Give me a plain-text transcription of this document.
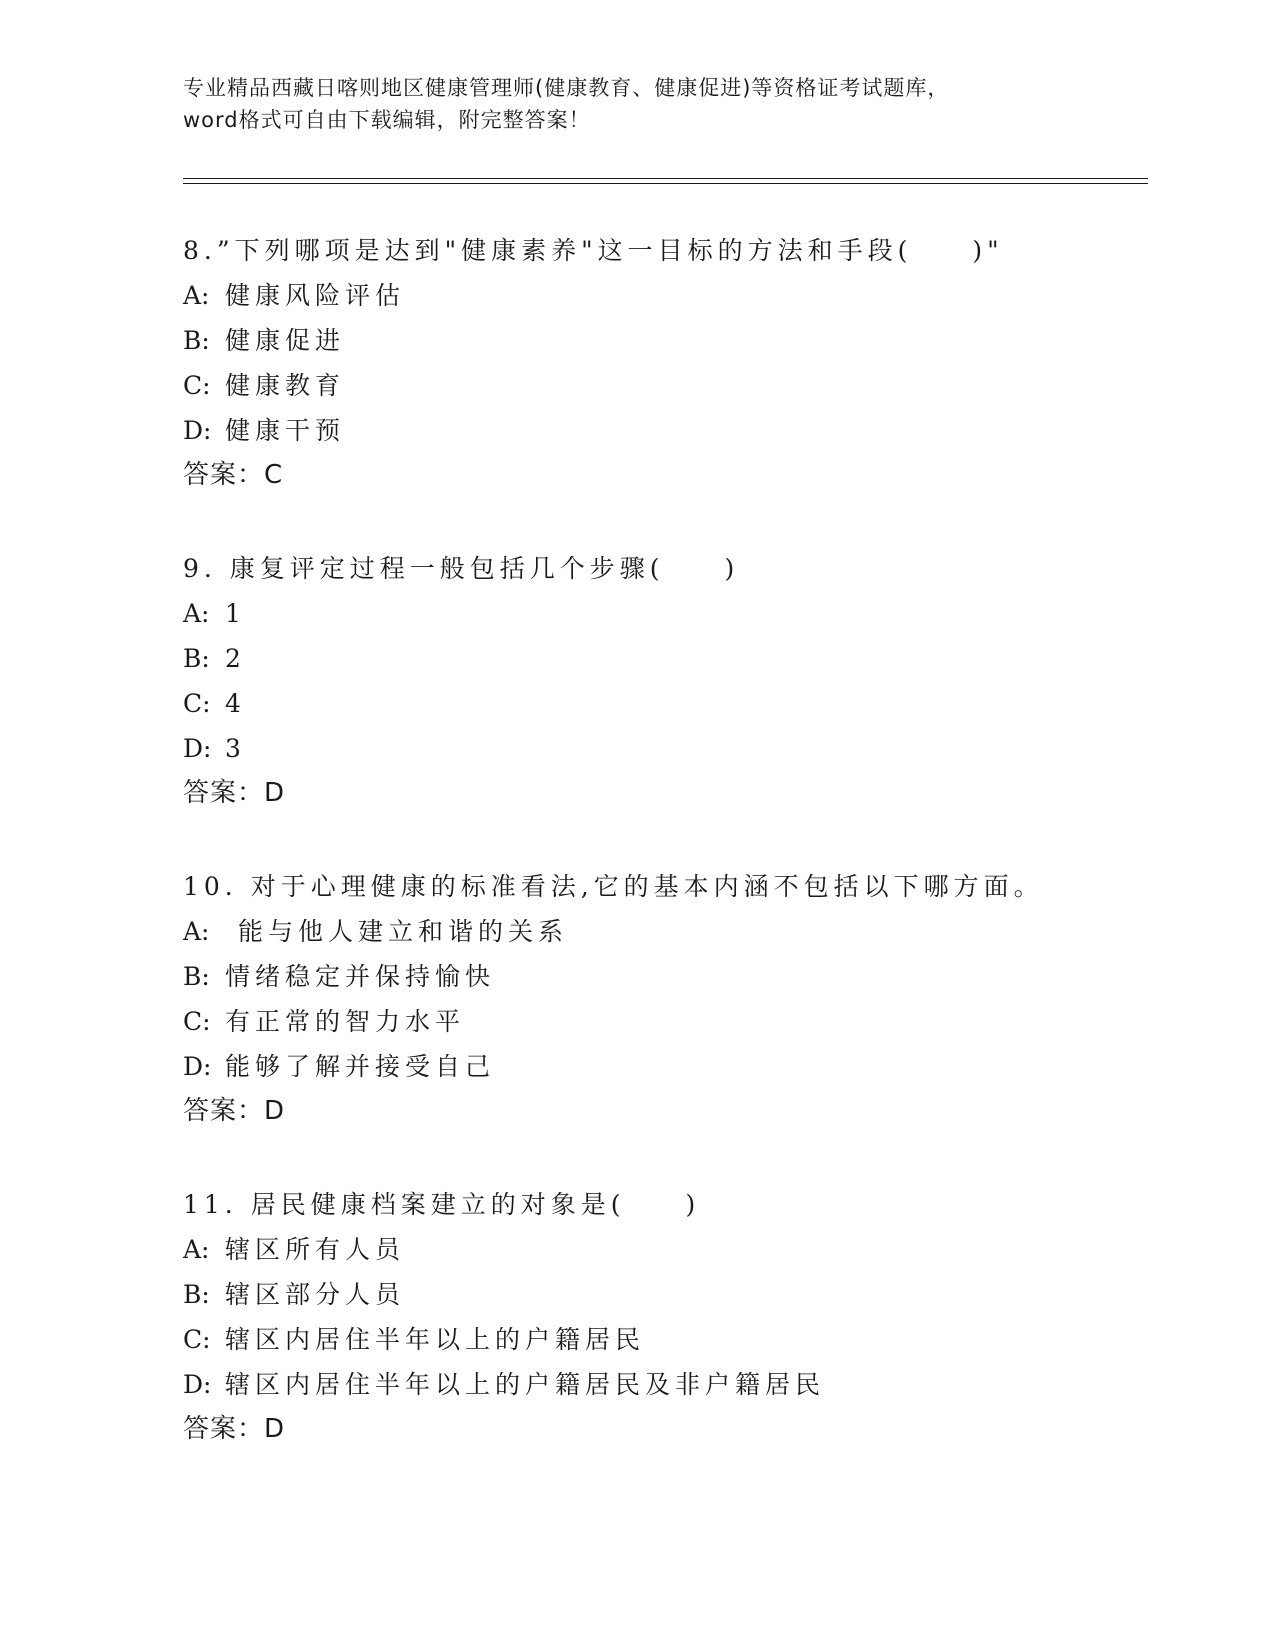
专业精品西藏日喀则地区健康管理师(健康教育、健康促进)等资格证考试题库，
word格式可自由下载编辑，附完整答案！
8.”下列哪项是达到"健康素养"这一目标的方法和手段(　　)"
A: 健康风险评估
B: 健康促进
C: 健康教育
D: 健康干预
答案：C
9. 康复评定过程一般包括几个步骤(　　)
A: 1
B: 2
C: 4
D: 3
答案：D
10. 对于心理健康的标准看法,它的基本内涵不包括以下哪方面。
A: 能与他人建立和谐的关系
B: 情绪稳定并保持愉快
C: 有正常的智力水平
D: 能够了解并接受自己
答案：D
11. 居民健康档案建立的对象是(　　)
A: 辖区所有人员
B: 辖区部分人员
C: 辖区内居住半年以上的户籍居民
D: 辖区内居住半年以上的户籍居民及非户籍居民
答案：D
